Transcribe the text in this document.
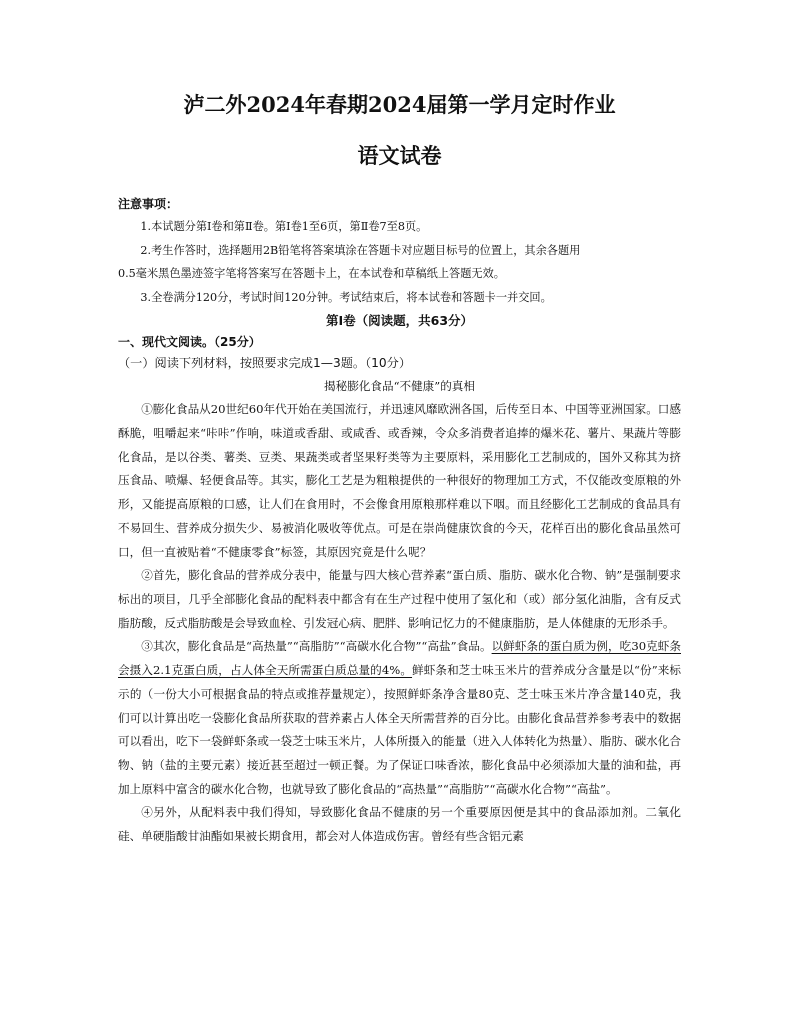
泸二外2024年春期2024届第一学月定时作业
语文试卷
注意事项：

1.本试题分第Ⅰ卷和第Ⅱ卷。第Ⅰ卷1至6页，第Ⅱ卷7至8页。

2.考生作答时，选择题用2B铅笔将答案填涂在答题卡对应题目标号的位置上，其余各题用

0.5毫米黑色墨迹签字笔将答案写在答题卡上，在本试卷和草稿纸上答题无效。

3.全卷满分120分，考试时间120分钟。考试结束后，将本试卷和答题卡一并交回。

第Ⅰ卷（阅读题，共63分）
一、现代文阅读。（25分）
（一）阅读下列材料，按照要求完成1—3题。（10分）
揭秘膨化食品“不健康”的真相

①膨化食品从20世纪60年代开始在美国流行，并迅速风靡欧洲各国，后传至日本、中国等亚洲国家。口感酥脆，咀嚼起来“咔咔”作响，味道或香甜、或咸香、或香辣，令众多消费者追捧的爆米花、薯片、果蔬片等膨化食品，是以谷类、薯类、豆类、果蔬类或者坚果籽类等为主要原料，采用膨化工艺制成的，国外又称其为挤压食品、喷爆、轻便食品等。其实，膨化工艺是为粗粮提供的一种很好的物理加工方式，不仅能改变原粮的外形，又能提高原粮的口感，让人们在食用时，不会像食用原粮那样难以下咽。而且经膨化工艺制成的食品具有不易回生、营养成分损失少、易被消化吸收等优点。可是在崇尚健康饮食的今天，花样百出的膨化食品虽然可口，但一直被贴着“不健康零食”标签，其原因究竟是什么呢？

②首先，膨化食品的营养成分表中，能量与四大核心营养素“蛋白质、脂肪、碳水化合物、钠”是强制要求标出的项目，几乎全部膨化食品的配料表中都含有在生产过程中使用了氢化和（或）部分氢化油脂，含有反式脂肪酸，反式脂肪酸是会导致血栓、引发冠心病、肥胖、影响记忆力的不健康脂肪，是人体健康的无形杀手。

③其次，膨化食品是“高热量”“高脂肪”“高碳水化合物”“高盐”食品。以鲜虾条的蛋白质为例，吃30克虾条会摄入2.1克蛋白质，占人体全天所需蛋白质总量的4%。鲜虾条和芝士味玉米片的营养成分含量是以“份”来标示的（一份大小可根据食品的特点或推荐量规定），按照鲜虾条净含量80克、芝士味玉米片净含量140克，我们可以计算出吃一袋膨化食品所获取的营养素占人体全天所需营养的百分比。由膨化食品营养参考表中的数据可以看出，吃下一袋鲜虾条或一袋芝士味玉米片，人体所摄入的能量（进入人体转化为热量）、脂肪、碳水化合物、钠（盐的主要元素）接近甚至超过一顿正餐。为了保证口味香浓，膨化食品中必须添加大量的油和盐，再加上原料中富含的碳水化合物，也就导致了膨化食品的“高热量”“高脂肪”“高碳水化合物”“高盐”。

④另外，从配料表中我们得知，导致膨化食品不健康的另一个重要原因便是其中的食品添加剂。二氧化硅、单硬脂酸甘油酯如果被长期食用，都会对人体造成伤害。曾经有些含铝元素
